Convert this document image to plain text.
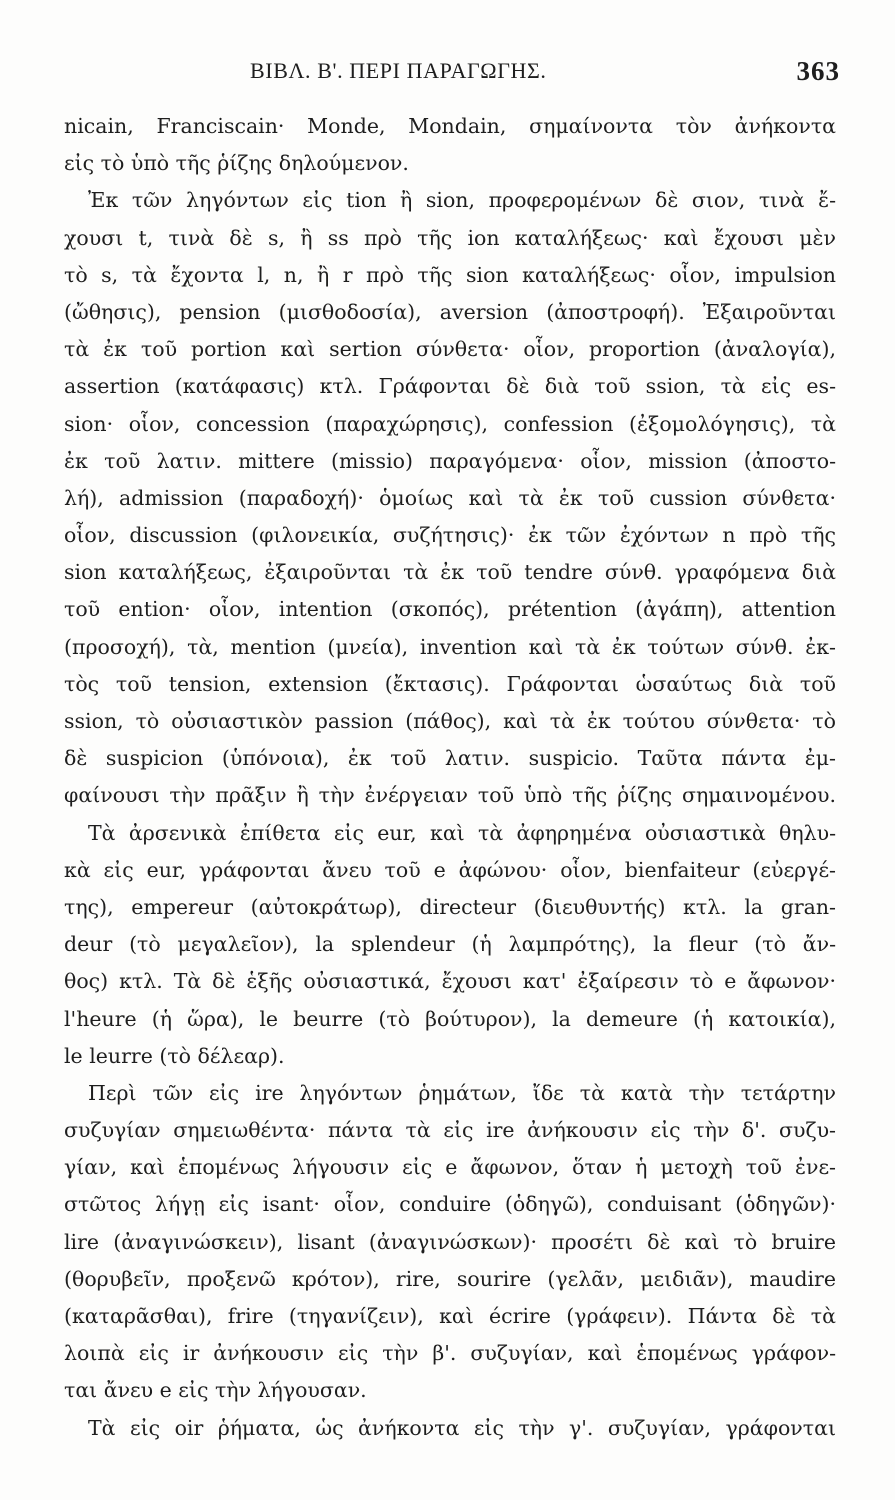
ΒΙΒΛ. Β'. ΠΕΡΙ ΠΑΡΑΓΩΓΗΣ.	363
nicain, Franciscain· Monde, Mondain, σημαίνοντα τὸν ἀνήκοντα
εἰς τὸ ὑπὸ τῆς ῥίζης δηλούμενον.
Ἐκ τῶν ληγόντων εἰς tion ἢ sion, προφερομένων δὲ σιον, τινὰ ἔ-
χουσι t, τινὰ δὲ s, ἢ ss πρὸ τῆς ion καταλήξεως· καὶ ἔχουσι μὲν
τὸ s, τὰ ἔχοντα l, n, ἢ r πρὸ τῆς sion καταλήξεως· οἷον, impulsion
(ὤθησις), pension (μισθοδοσία), aversion (ἀποστροφή). Ἐξαιροῦνται
τὰ ἐκ τοῦ portion καὶ sertion σύνθετα· οἷον, proportion (ἀναλογία),
assertion (κατάφασις) κτλ. Γράφονται δὲ διὰ τοῦ ssion, τὰ εἰς es-
sion· οἷον, concession (παραχώρησις), confession (ἐξομολόγησις), τὰ
ἐκ τοῦ λατιν. mittere (missio) παραγόμενα· οἷον, mission (ἀποστο-
λή), admission (παραδοχή)· ὁμοίως καὶ τὰ ἐκ τοῦ cussion σύνθετα·
οἷον, discussion (φιλονεικία, συζήτησις)· ἐκ τῶν ἐχόντων n πρὸ τῆς
sion καταλήξεως, ἐξαιροῦνται τὰ ἐκ τοῦ tendre σύνθ. γραφόμενα διὰ
τοῦ ention· οἷον, intention (σκοπός), prétention (ἀγάπη), attention
(προσοχή), τὰ, mention (μνεία), invention καὶ τὰ ἐκ τούτων σύνθ. ἐκ-
τὸς τοῦ tension, extension (ἔκτασις). Γράφονται ὡσαύτως διὰ τοῦ
ssion, τὸ οὐσιαστικὸν passion (πάθος), καὶ τὰ ἐκ τούτου σύνθετα· τὸ
δὲ suspicion (ὑπόνοια), ἐκ τοῦ λατιν. suspicio. Ταῦτα πάντα ἐμ-
φαίνουσι τὴν πρᾶξιν ἢ τὴν ἐνέργειαν τοῦ ὑπὸ τῆς ῥίζης σημαινομένου.
Τὰ ἀρσενικὰ ἐπίθετα εἰς eur, καὶ τὰ ἀφηρημένα οὐσιαστικὰ θηλυ-
κὰ εἰς eur, γράφονται ἄνευ τοῦ e ἀφώνου· οἷον, bienfaiteur (εὐεργέ-
της), empereur (αὐτοκράτωρ), directeur (διευθυντής) κτλ. la gran-
deur (τὸ μεγαλεῖον), la splendeur (ἡ λαμπρότης), la fleur (τὸ ἄν-
θος) κτλ. Τὰ δὲ ἑξῆς οὐσιαστικά, ἔχουσι κατ' ἐξαίρεσιν τὸ e ἄφωνον·
l'heure (ἡ ὥρα), le beurre (τὸ βούτυρον), la demeure (ἡ κατοικία),
le leurre (τὸ δέλεαρ).
Περὶ τῶν εἰς ire ληγόντων ῥημάτων, ἴδε τὰ κατὰ τὴν τετάρτην
συζυγίαν σημειωθέντα· πάντα τὰ εἰς ire ἀνήκουσιν εἰς τὴν δ'. συζυ-
γίαν, καὶ ἑπομένως λήγουσιν εἰς e ἄφωνον, ὅταν ἡ μετοχὴ τοῦ ἐνε-
στῶτος λήγῃ εἰς isant· οἷον, conduire (ὁδηγῶ), conduisant (ὁδηγῶν)·
lire (ἀναγινώσκειν), lisant (ἀναγινώσκων)· προσέτι δὲ καὶ τὸ bruire
(θορυβεῖν, προξενῶ κρότον), rire, sourire (γελᾶν, μειδιᾶν), maudire
(καταρᾶσθαι), frire (τηγανίζειν), καὶ écrire (γράφειν). Πάντα δὲ τὰ
λοιπὰ εἰς ir ἀνήκουσιν εἰς τὴν β'. συζυγίαν, καὶ ἑπομένως γράφον-
ται ἄνευ e εἰς τὴν λήγουσαν.
Τὰ εἰς oir ῥήματα, ὡς ἀνήκοντα εἰς τὴν γ'. συζυγίαν, γράφονται
